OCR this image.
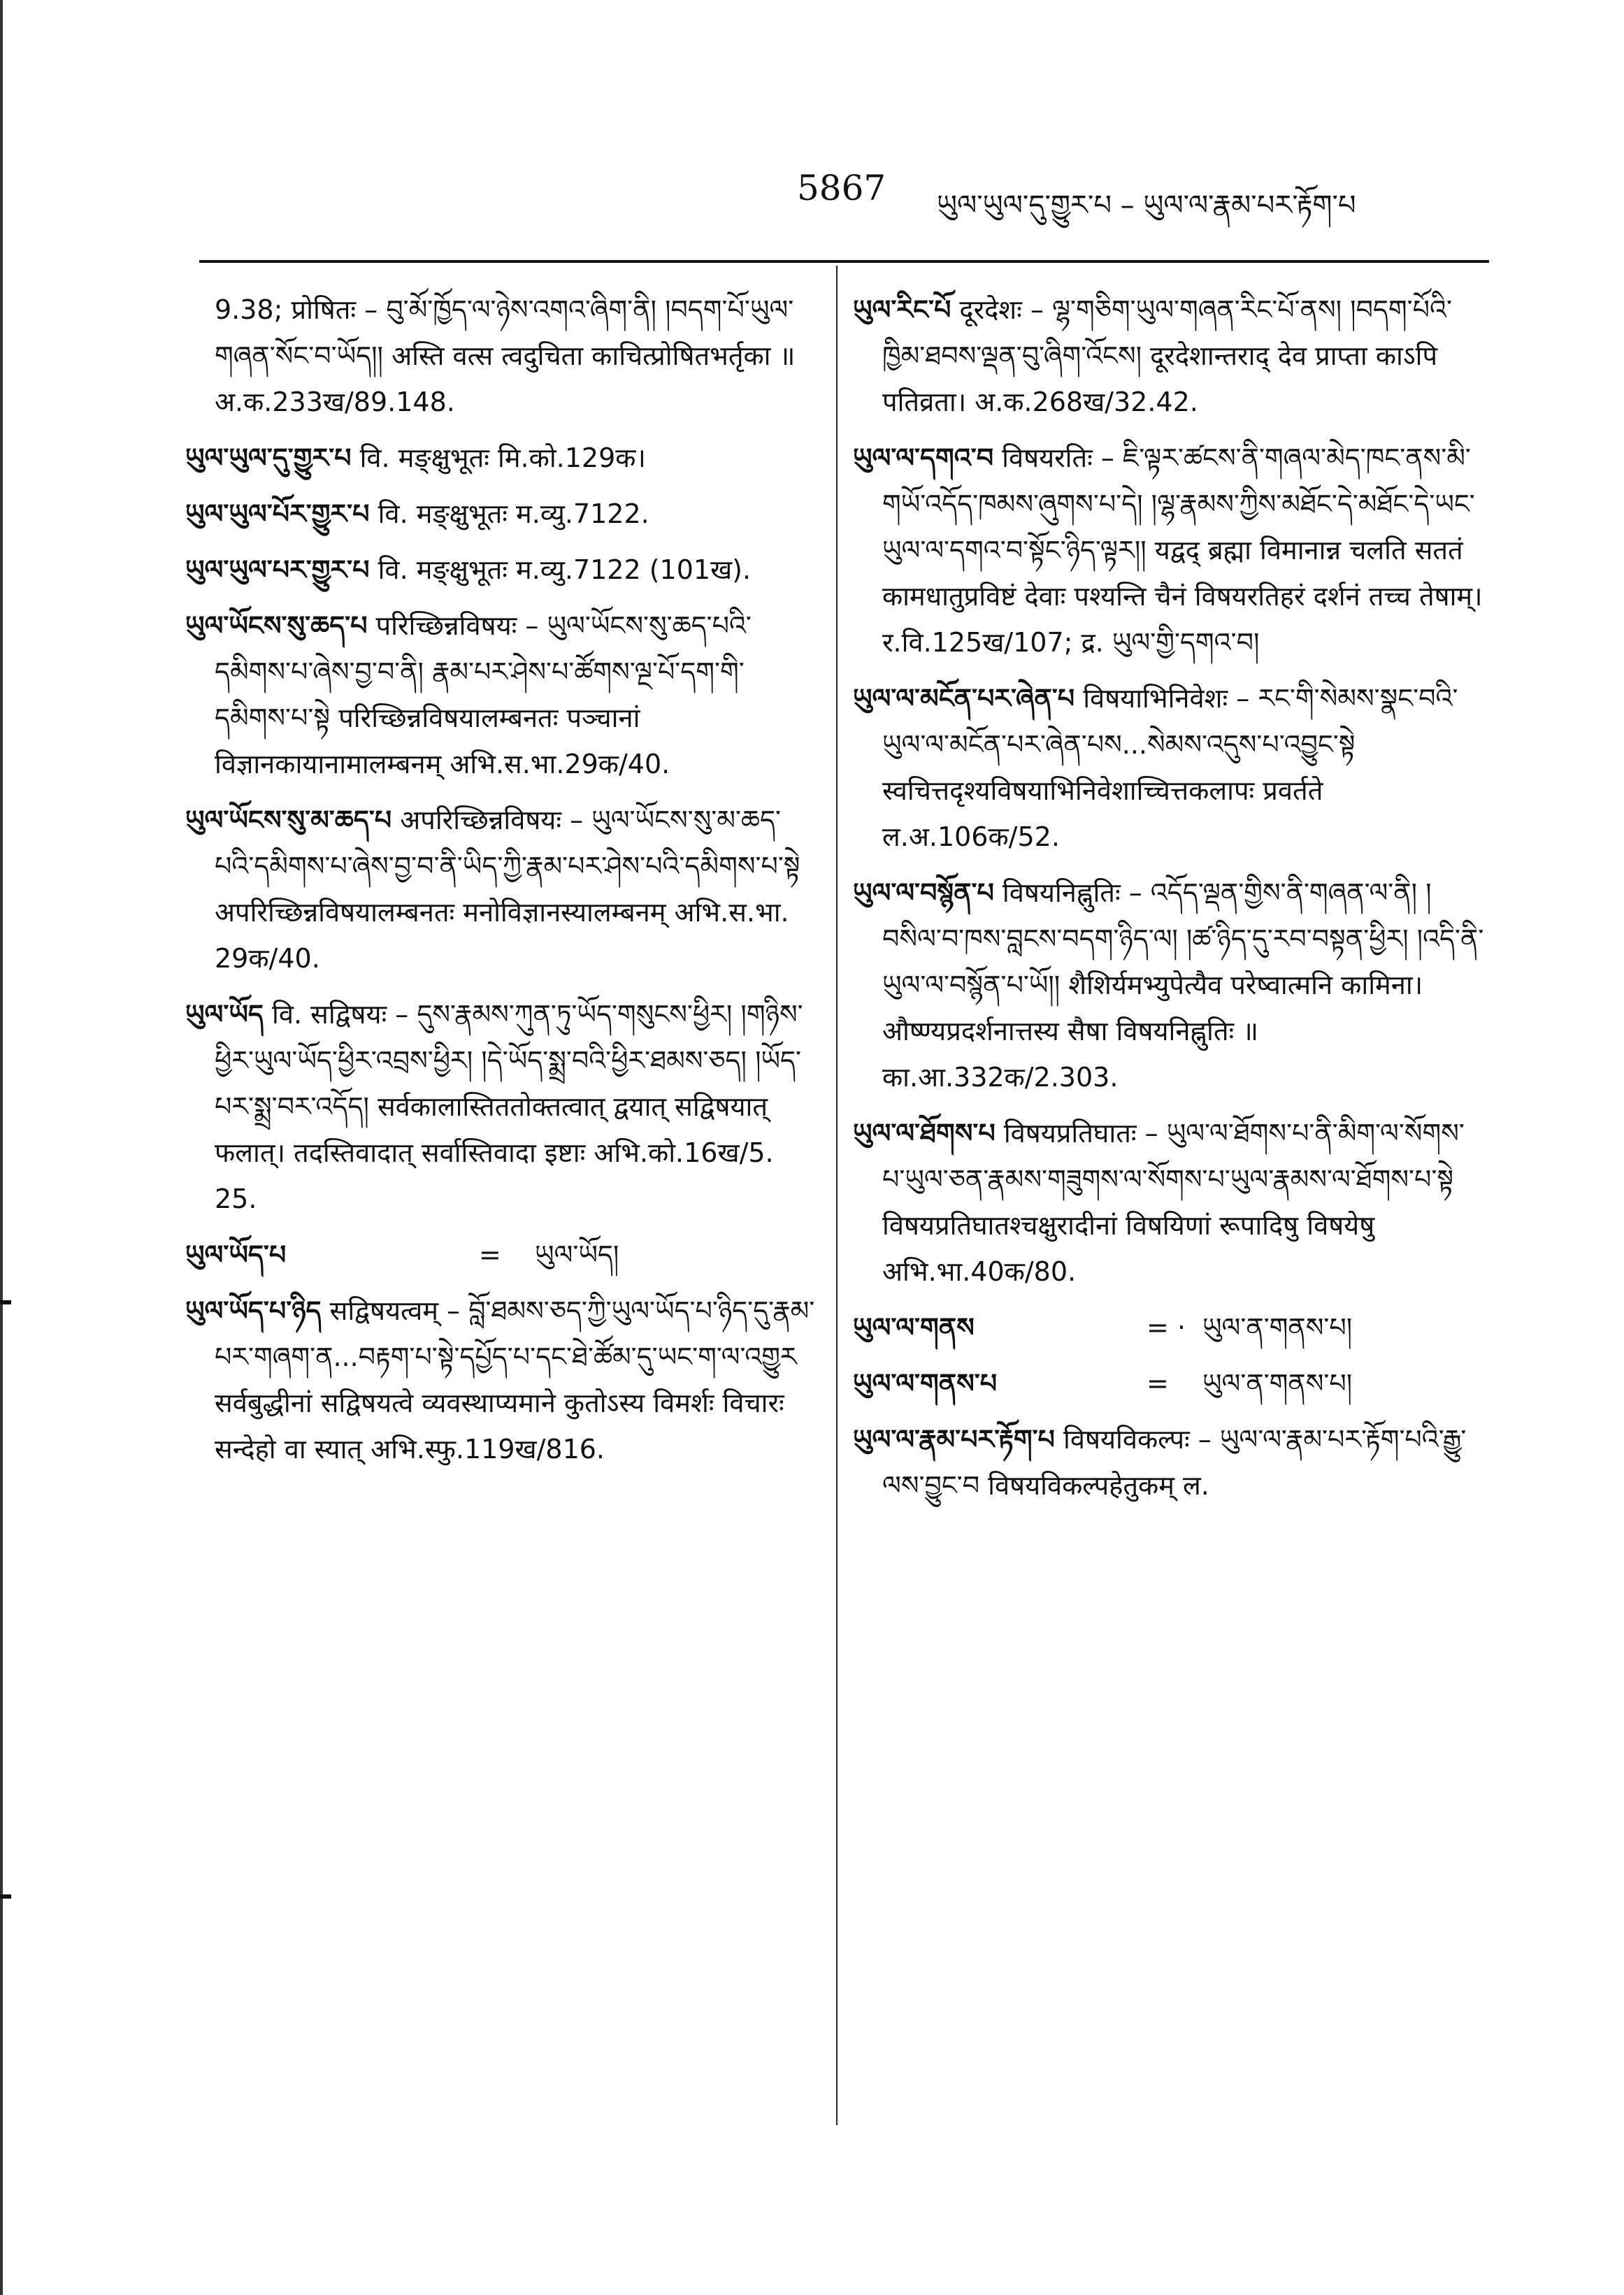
5867 ཡུལ་ཡུལ་དུ་གྱུར་པ – ཡུལ་ལ་རྣམ་པར་རྟོག་པ
9.38; प्रोषितः – བུ་མོ་ཁྱོད་ལ་ཉེས་འགའ་ཞིག་ནི། །བདག་པོ་ཡུལ་གཞན་སོང་བ་ཡོད།། अस्ति वत्स त्वदुचिता काचित्प्रोषितभर्तृका ॥ अ.क.233ख/89.148.
ཡུལ་ཡུལ་དུ་གྱུར་པ वि. मङ्क्षुभूतः मि.को.129क।
ཡུལ་ཡུལ་པོར་གྱུར་པ वि. मङ्क्षुभूतः म.व्यु.7122.
ཡུལ་ཡུལ་པར་གྱུར་པ वि. मङ्क्षुभूतः म.व्यु.7122 (101ख).
ཡུལ་ཡོངས་སུ་ཆད་པ परिच्छिन्नविषयः – ཡུལ་ཡོངས་སུ་ཆད་པའི་དམིགས་པ་ཞེས་བྱ་བ་ནི། རྣམ་པར་ཤེས་པ་ཚོགས་ལྔ་པོ་དག་གི་དམིགས་པ་སྟེ परिच्छिन्नविषयालम्बनतः पञ्चानां विज्ञानकायानामालम्बनम् अभि.स.भा.29क/40.
ཡུལ་ཡོངས་སུ་མ་ཆད་པ अपरिच्छिन्नविषयः – ཡུལ་ཡོངས་སུ་མ་ཆད་པའི་དམིགས་པ་ཞེས་བྱ་བ་ནི་ཡིད་ཀྱི་རྣམ་པར་ཤེས་པའི་དམིགས་པ་སྟེ अपरिच्छिन्नविषयालम्बनतः मनोविज्ञानस्यालम्बनम् अभि.स.भा. 29क/40.
ཡུལ་ཡོད वि. सद्विषयः – དུས་རྣམས་ཀུན་ཏུ་ཡོད་གསུངས་ཕྱིར། །གཉིས་ཕྱིར་ཡུལ་ཡོད་ཕྱིར་འབྲས་ཕྱིར། །དེ་ཡོད་སྨྲ་བའི་ཕྱིར་ཐམས་ཅད། །ཡོད་པར་སྨྲ་བར་འདོད། सर्वकालास्तिततोक्तत्वात् द्वयात् सद्विषयात् फलात्। तदस्तिवादात् सर्वास्तिवादा इष्टाः अभि.को.16ख/5. 25.
ཡུལ་ཡོད་པ	=	ཡུལ་ཡོད།
ཡུལ་ཡོད་པ་ཉིད सद्विषयत्वम् – བློ་ཐམས་ཅད་ཀྱི་ཡུལ་ཡོད་པ་ཉིད་དུ་རྣམ་པར་གཞག་ན...བརྟག་པ་སྟེ་དཔྱོད་པ་དང་ཐེ་ཚོམ་དུ་ཡང་ག་ལ་འགྱུར सर्वबुद्धीनां सद्विषयत्वे व्यवस्थाप्यमाने कुतोऽस्य विमर्शः विचारः सन्देहो वा स्यात् अभि.स्फु.119ख/816.
ཡུལ་རིང་པོ दूरदेशः – ལྷ་གཅིག་ཡུལ་གཞན་རིང་པོ་ནས། །བདག་པོའི་ཁྱིམ་ཐབས་ལྡན་བུ་ཞིག་འོངས། दूरदेशान्तराद् देव प्राप्ता काऽपि पतिव्रता। अ.क.268ख/32.42.
ཡུལ་ལ་དགའ་བ विषयरतिः – ཇི་ལྟར་ཚངས་ནི་གཞལ་མེད་ཁང་ནས་མི་གཡོ་འདོད་ཁམས་ཞུགས་པ་དེ། །ལྷ་རྣམས་ཀྱིས་མཐོང་དེ་མཐོང་དེ་ཡང་ཡུལ་ལ་དགའ་བ་སྟོང་ཉིད་ལྟར།། यद्वद् ब्रह्मा विमानान्न चलति सततं कामधातुप्रविष्टं देवाः पश्यन्ति चैनं विषयरतिहरं दर्शनं तच्च तेषाम्। र.वि.125ख/107; द्र. ཡུལ་གྱི་དགའ་བ།
ཡུལ་ལ་མངོན་པར་ཞེན་པ विषयाभिनिवेशः – རང་གི་སེམས་སྣང་བའི་ཡུལ་ལ་མངོན་པར་ཞེན་པས...སེམས་འདུས་པ་འབྱུང་སྟེ स्वचित्तदृश्यविषयाभिनिवेशाच्चित्तकलापः प्रवर्तते ल.अ.106क/52.
ཡུལ་ལ་བསྙོན་པ विषयनिह्नुतिः – འདོད་ལྡན་གྱིས་ནི་གཞན་ལ་ནི། །བསིལ་བ་ཁས་བླངས་བདག་ཉིད་ལ། །ཚ་ཉིད་དུ་རབ་བསྟན་ཕྱིར། །འདི་ནི་ཡུལ་ལ་བསྙོན་པ་ཡོ།། शैशिर्यमभ्युपेत्यैव परेष्वात्मनि कामिना। औष्ण्यप्रदर्शनात्तस्य सैषा विषयनिह्नुतिः ॥ का.आ.332क/2.303.
ཡུལ་ལ་ཐོགས་པ विषयप्रतिघातः – ཡུལ་ལ་ཐོགས་པ་ནི་མིག་ལ་སོགས་པ་ཡུལ་ཅན་རྣམས་གཟུགས་ལ་སོགས་པ་ཡུལ་རྣམས་ལ་ཐོགས་པ་སྟེ विषयप्रतिघातश्चक्षुरादीनां विषयिणां रूपादिषु विषयेषु अभि.भा.40क/80.
ཡུལ་ལ་གནས	= · ཡུལ་ན་གནས་པ།
ཡུལ་ལ་གནས་པ	=	ཡུལ་ན་གནས་པ།
ཡུལ་ལ་རྣམ་པར་རྟོག་པ विषयविकल्पः – ཡུལ་ལ་རྣམ་པར་རྟོག་པའི་རྒྱུ་ལས་བྱུང་བ विषयविकल्पहेतुकम् ल.
